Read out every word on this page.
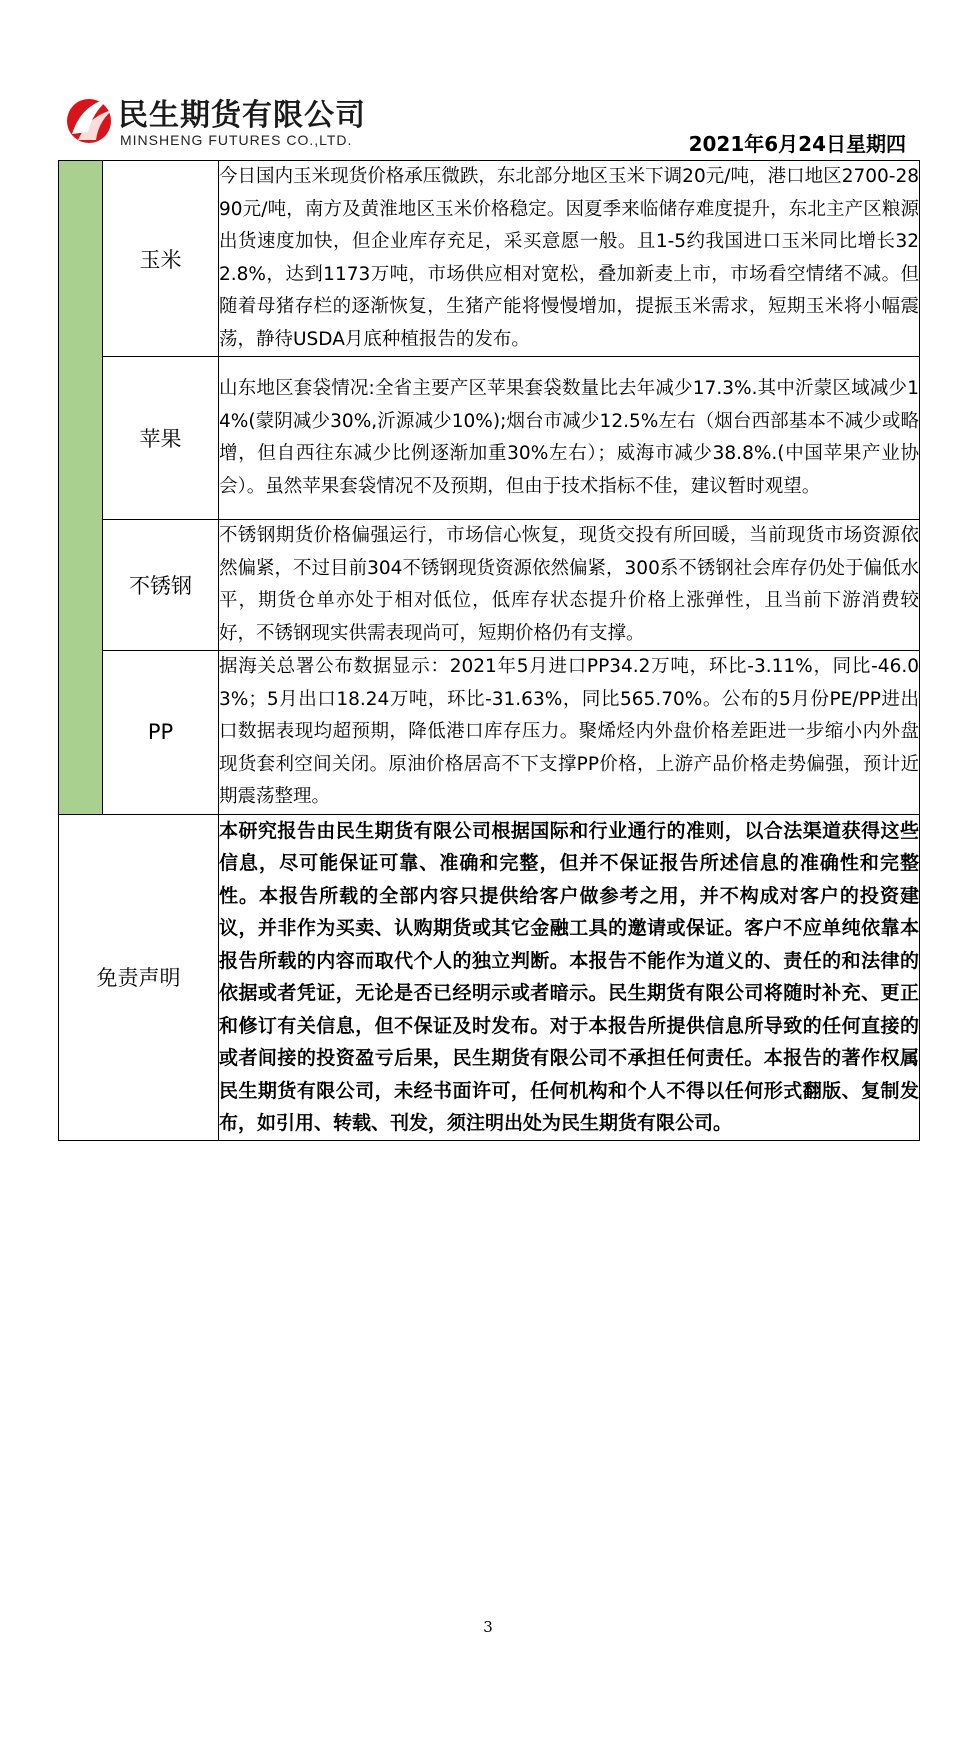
民生期货有限公司
MINSHENG FUTURES CO.,LTD.	2021年6月24日星期四
	玉米	今日国内玉米现货价格承压微跌，东北部分地区玉米下调20元/吨，港口地区2700-2890元/吨，南方及黄淮地区玉米价格稳定。因夏季来临储存难度提升，东北主产区粮源出货速度加快，但企业库存充足，采买意愿一般。且1-5约我国进口玉米同比增长322.8%，达到1173万吨，市场供应相对宽松，叠加新麦上市，市场看空情绪不减。但随着母猪存栏的逐渐恢复，生猪产能将慢慢增加，提振玉米需求，短期玉米将小幅震荡，静待USDA月底种植报告的发布。
	苹果	山东地区套袋情况:全省主要产区苹果套袋数量比去年减少17.3%.其中沂蒙区域减少14%(蒙阴减少30%,沂源减少10%);烟台市减少12.5%左右（烟台西部基本不减少或略增，但自西往东减少比例逐渐加重30%左右）；威海市减少38.8%.(中国苹果产业协会）。虽然苹果套袋情况不及预期，但由于技术指标不佳，建议暂时观望。
	不锈钢	不锈钢期货价格偏强运行，市场信心恢复，现货交投有所回暖，当前现货市场资源依然偏紧，不过目前304不锈钢现货资源依然偏紧，300系不锈钢社会库存仍处于偏低水平，期货仓单亦处于相对低位，低库存状态提升价格上涨弹性，且当前下游消费较好，不锈钢现实供需表现尚可，短期价格仍有支撑。
	PP	据海关总署公布数据显示：2021年5月进口PP34.2万吨，环比-3.11%，同比-46.03%；5月出口18.24万吨，环比-31.63%，同比565.70%。公布的5月份PE/PP进出口数据表现均超预期，降低港口库存压力。聚烯烃内外盘价格差距进一步缩小内外盘现货套利空间关闭。原油价格居高不下支撑PP价格，上游产品价格走势偏强，预计近期震荡整理。
免责声明		本研究报告由民生期货有限公司根据国际和行业通行的准则，以合法渠道获得这些信息，尽可能保证可靠、准确和完整，但并不保证报告所述信息的准确性和完整性。本报告所载的全部内容只提供给客户做参考之用，并不构成对客户的投资建议，并非作为买卖、认购期货或其它金融工具的邀请或保证。客户不应单纯依靠本报告所载的内容而取代个人的独立判断。本报告不能作为道义的、责任的和法律的依据或者凭证，无论是否已经明示或者暗示。民生期货有限公司将随时补充、更正和修订有关信息，但不保证及时发布。对于本报告所提供信息所导致的任何直接的或者间接的投资盈亏后果，民生期货有限公司不承担任何责任。本报告的著作权属民生期货有限公司，未经书面许可，任何机构和个人不得以任何形式翻版、复制发布，如引用、转载、刊发，须注明出处为民生期货有限公司。
3
